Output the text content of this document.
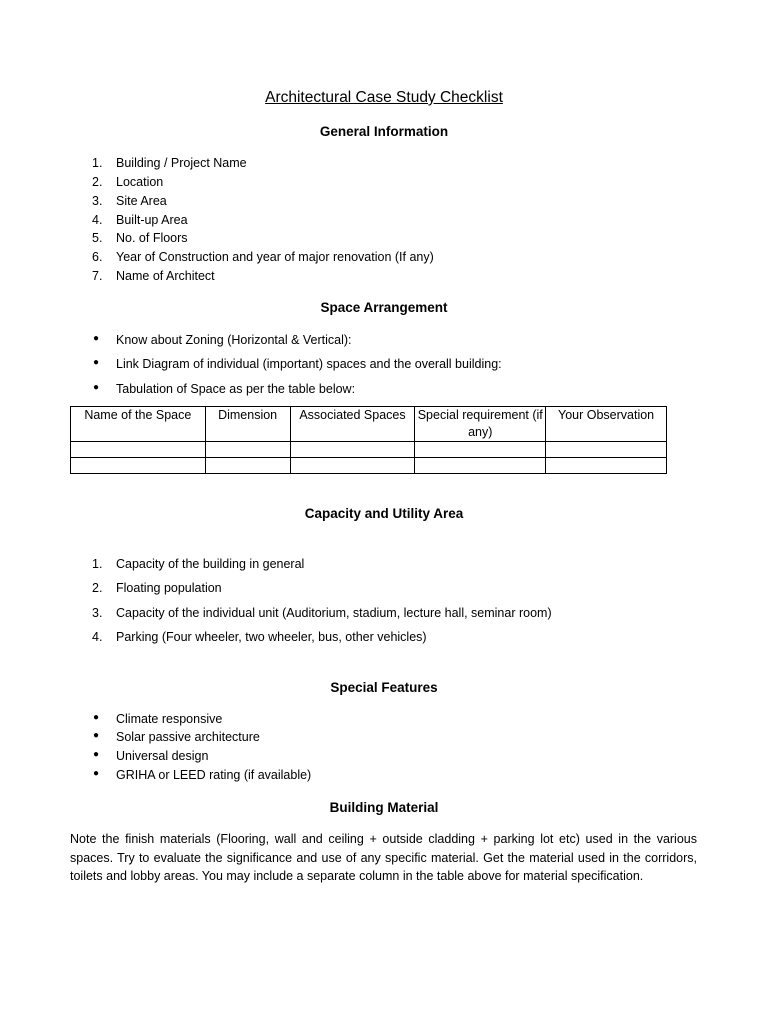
Architectural Case Study Checklist
General Information
1.	Building / Project Name
2.	Location
3.	Site Area
4.	Built-up Area
5.	No. of Floors
6.	Year of Construction and year of major renovation (If any)
7.	Name of Architect
Space Arrangement
● Know about Zoning (Horizontal & Vertical):
● Link Diagram of individual (important) spaces and the overall building:
● Tabulation of Space as per the table below:
Name of the Space	Dimension	Associated Spaces	Special requirement (if any)	Your Observation

Capacity and Utility Area
1.	Capacity of the building in general
2.	Floating population
3.	Capacity of the individual unit (Auditorium, stadium, lecture hall, seminar room)
4.	Parking (Four wheeler, two wheeler, bus, other vehicles)
Special Features
● Climate responsive
● Solar passive architecture
● Universal design
● GRIHA or LEED rating (if available)
Building Material
Note the finish materials (Flooring, wall and ceiling + outside cladding + parking lot etc) used in the various spaces. Try to evaluate the significance and use of any specific material. Get the material used in the corridors, toilets and lobby areas. You may include a separate column in the table above for material specification.
